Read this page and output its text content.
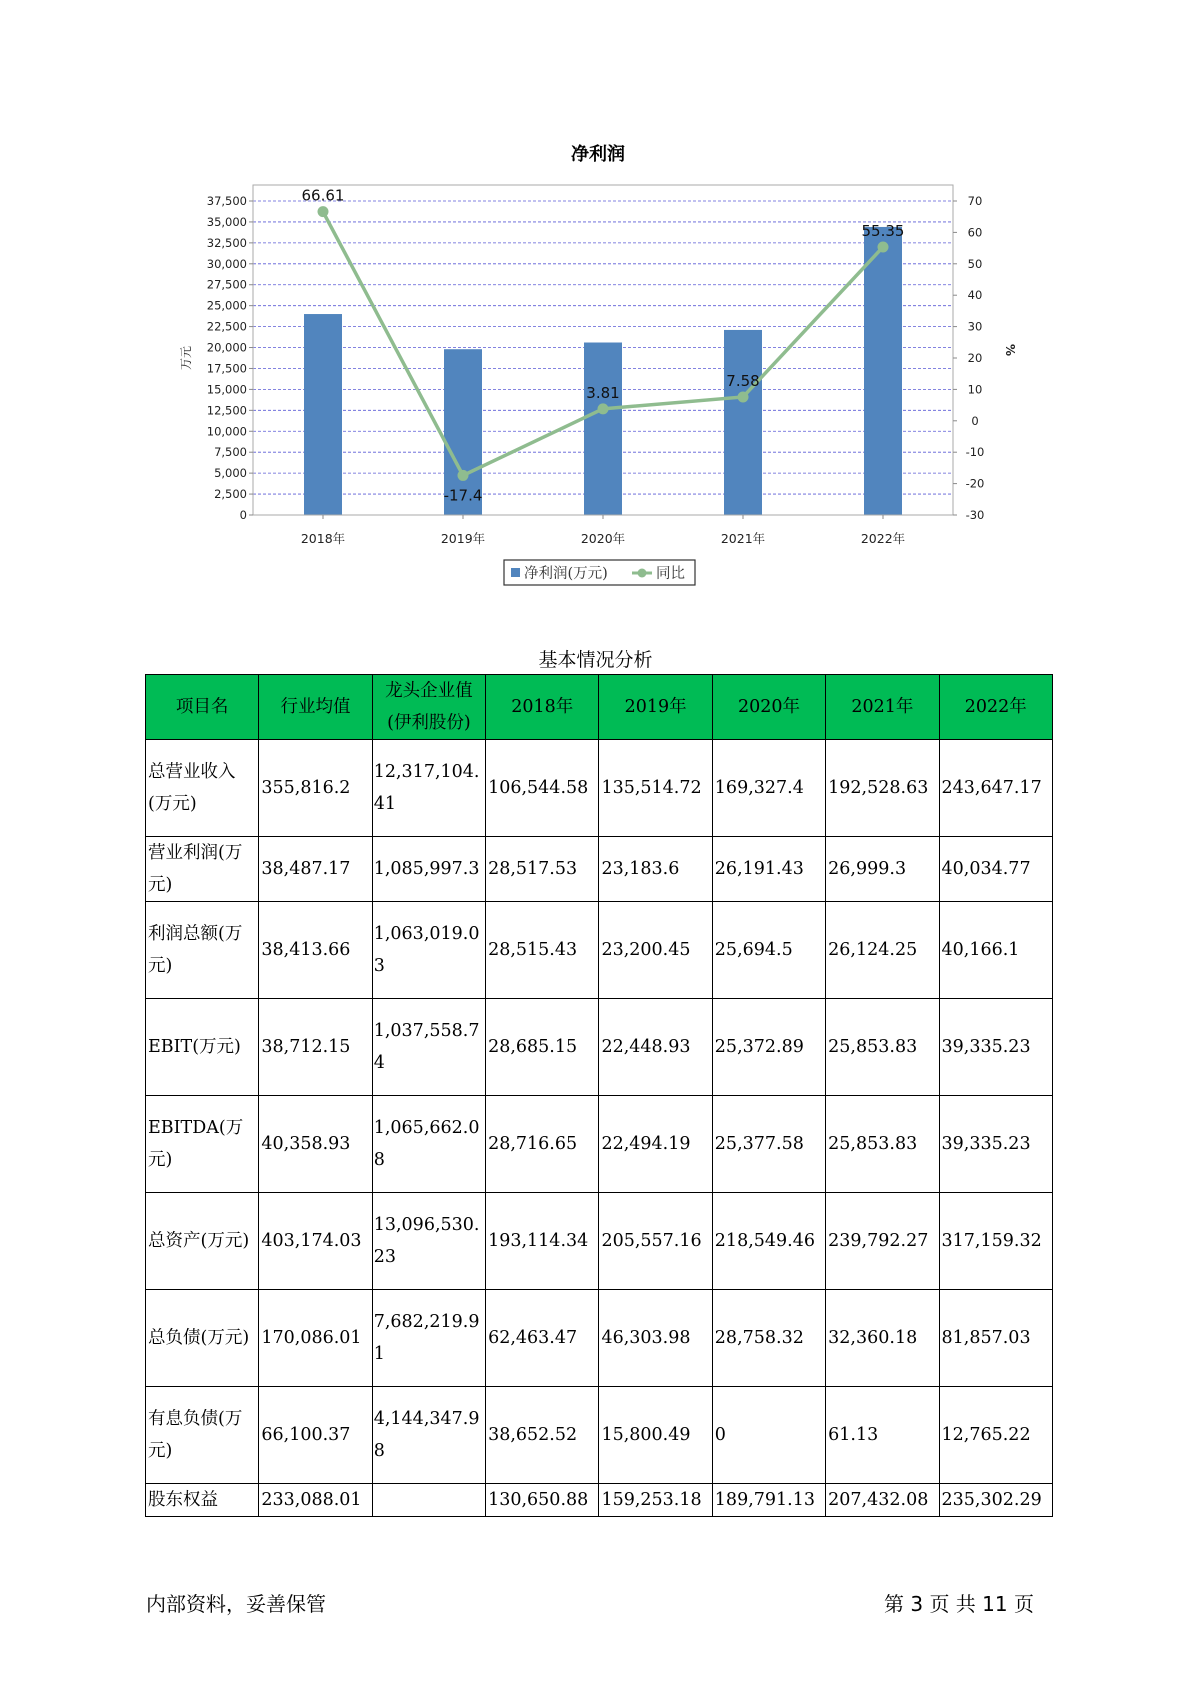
净利润
66.61
-17.4
3.81
7.58
55.35
0
2,500
5,000
7,500
10,000
12,500
15,000
17,500
20,000
22,500
25,000
27,500
30,000
32,500
35,000
37,500
-30
-20
-10
0
10
20
30
40
50
60
70
万元	%
2018年	2019年	2020年	2021年	2022年
净利润(万元)	同比
基本情况分析
项目名	行业均值	龙头企业值(伊利股份)	2018年	2019年	2020年	2021年	2022年
总营业收入(万元)	355,816.2	12,317,104.41	106,544.58	135,514.72	169,327.4	192,528.63	243,647.17
营业利润(万元)	38,487.17	1,085,997.3	28,517.53	23,183.6	26,191.43	26,999.3	40,034.77
利润总额(万元)	38,413.66	1,063,019.03	28,515.43	23,200.45	25,694.5	26,124.25	40,166.1
EBIT(万元)	38,712.15	1,037,558.74	28,685.15	22,448.93	25,372.89	25,853.83	39,335.23
EBITDA(万元)	40,358.93	1,065,662.08	28,716.65	22,494.19	25,377.58	25,853.83	39,335.23
总资产(万元)	403,174.03	13,096,530.23	193,114.34	205,557.16	218,549.46	239,792.27	317,159.32
总负债(万元)	170,086.01	7,682,219.91	62,463.47	46,303.98	28,758.32	32,360.18	81,857.03
有息负债(万元)	66,100.37	4,144,347.98	38,652.52	15,800.49	0	61.13	12,765.22
股东权益	233,088.01		130,650.88	159,253.18	189,791.13	207,432.08	235,302.29
内部资料，妥善保管	第 3 页 共 11 页
